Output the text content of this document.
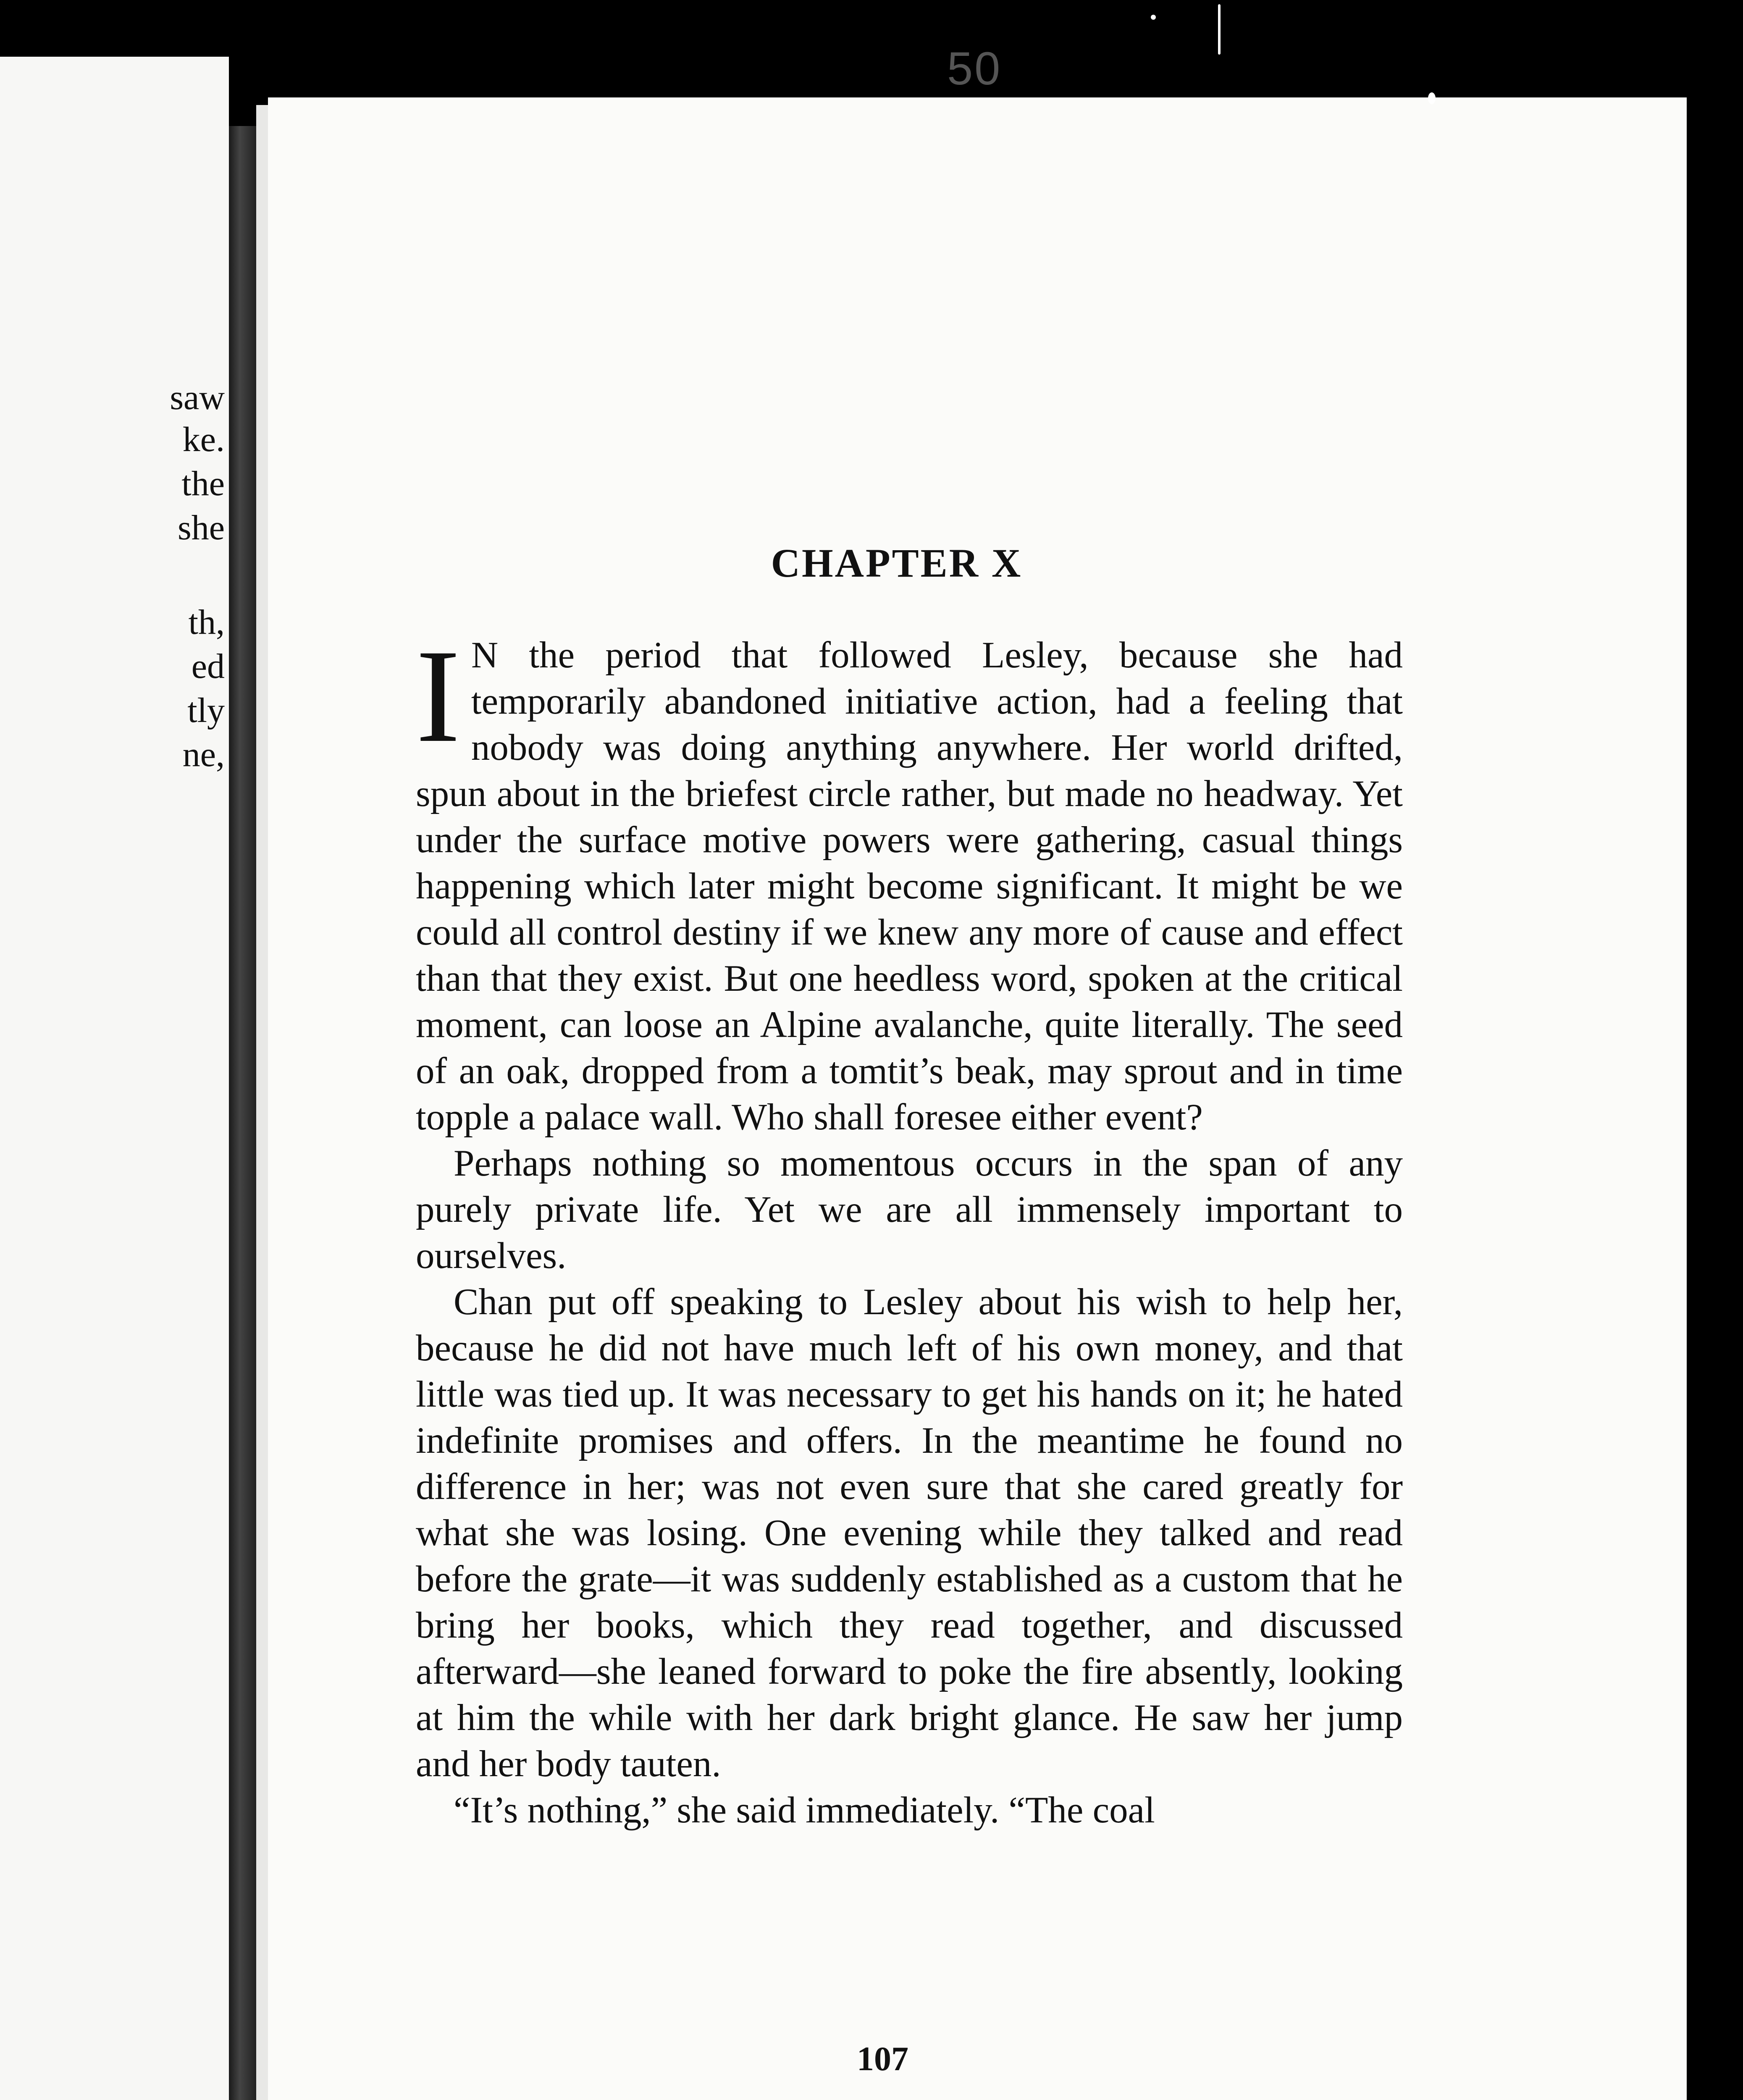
saw
ke.
the
she
th,
ed
tly
ne,
50
CHAPTER X

I N the period that followed Lesley, because she had temporarily abandoned initiative action, had a feeling that nobody was doing anything anywhere. Her world drifted, spun about in the briefest circle rather, but made no headway. Yet under the surface motive powers were gathering, casual things happening which later might become significant. It might be we could all control destiny if we knew any more of cause and effect than that they exist. But one heedless word, spoken at the critical moment, can loose an Alpine avalanche, quite literally. The seed of an oak, dropped from a tomtit’s beak, may sprout and in time topple a palace wall. Who shall foresee either event?

Perhaps nothing so momentous occurs in the span of any purely private life. Yet we are all immensely important to ourselves.

Chan put off speaking to Lesley about his wish to help her, because he did not have much left of his own money, and that little was tied up. It was necessary to get his hands on it; he hated indefinite promises and offers. In the meantime he found no difference in her; was not even sure that she cared greatly for what she was losing. One evening while they talked and read before the grate—it was suddenly established as a custom that he bring her books, which they read together, and discussed afterward—she leaned forward to poke the fire absently, looking at him the while with her dark bright glance. He saw her jump and her body tauten.

“It’s nothing,” she said immediately. “The coal

107
